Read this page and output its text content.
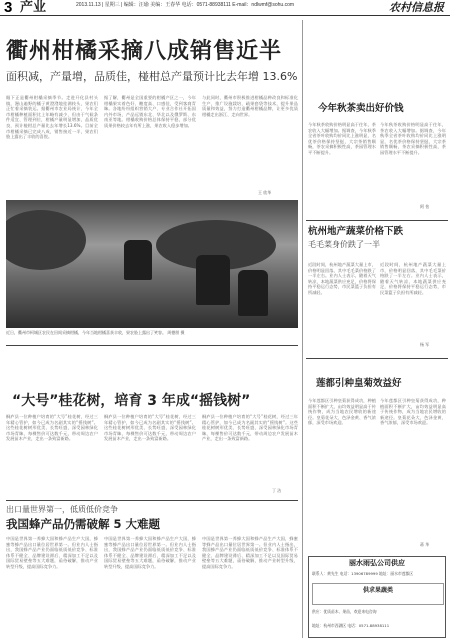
3 产业	2013.11.13 | 星期三 | 编辑：汪瑜 美编：王春华 电话：0571-88938111 E-mail：ndlwmf@sohu.com	农村信息报
衢州柑橘采摘八成销售近半
面积减，产量增，品质佳，椪柑总产量预计比去年增 13.6%
眼下正是衢州柑橘采摘季节。走进开化县村头镇，漫山遍野的橘子黄澄澄地挂满枝头，果农们正忙着采摘装运。据衢州市农业局统计，今年全市柑橘种植面积比上年略有减少，但由于气候条件适宜、管理到位，柑橘产量明显增加，品质优良，预计椪柑总产量比去年增长13.6%。目前全市柑橘采摘已完成八成，销售接近一半，果农们脸上露出了丰收的喜悦。
据了解，衢州是全国重要的柑橘产区之一，今年柑橘果实着色好、糖度高、口感佳，受到客商青睐。各地纷纷组织营销大户、专业合作社开拓国内外市场，产品远销东北、华北以及俄罗斯、东南亚等地。柑橘收购价格总体保持平稳，部分优质果价格较去年有所上涨，果农收入稳步增加。
与此同时，衢州市积极推进柑橘品种改良和标准化生产，推广设施栽培、疏果套袋等技术，提升果品质量和效益，努力打造衢州柑橘品牌，让更多优质柑橘走出浙江、走向世界。
王 欣华
近日，衢州市柯城区农民在田间采摘柑橘，今年当地柑橘喜获丰收，果农脸上露出了笑容。 周德朋 摄
今年秋茶卖出好价钱
今年秋茶收购价格明显高于往年，茶农收入大幅增加。据调查，今年秋季全省茶叶收购均价同比上涨明显，名优茶价格保持坚挺，大宗茶销售顺畅，茶农采摘积极性高，茶园管理水平不断提升。
今年秋茶收购价格明显高于往年，茶农收入大幅增加。据调查，今年秋季全省茶叶收购均价同比上涨明显，名优茶价格保持坚挺，大宗茶销售顺畅，茶农采摘积极性高，茶园管理水平不断提升。
阿 怡
杭州地产蔬菜价格下跌
毛毛菜身价跌了一半
近段时间，杭州地产蔬菜大量上市，价格明显回落，其中毛毛菜价格跌了一半左右。业内人士表示，随着天气转凉，本地蔬菜供应充足，价格将保持平稳运行态势，市民菜篮子负担有所减轻。
近段时间，杭州地产蔬菜大量上市，价格明显回落，其中毛毛菜价格跌了一半左右。业内人士表示，随着天气转凉，本地蔬菜供应充足，价格将保持平稳运行态势，市民菜篮子负担有所减轻。
杨 军
莲都引种皇菊效益好
今年莲都区引种皇菊获得成功，种植面积不断扩大，亩均效益明显高于传统作物，成为当地农民增收的新途径。皇菊花朵大、色泽金黄、香气浓郁，深受市场欢迎。
今年莲都区引种皇菊获得成功，种植面积不断扩大，亩均效益明显高于传统作物，成为当地农民增收的新途径。皇菊花朵大、色泽金黄、香气浓郁，深受市场欢迎。
蒋 华
“大号”桂花树，培育 3 年成“摇钱树”
桐庐县一位种植户培育的“大号”桂花树，经过三年精心管护，如今已成为名副其实的“摇钱树”。这些桂花树树形优美、长势旺盛，深受园林绿化市场青睐，每棵售价可达数千元，带动周边农户发展苗木产业，走出一条致富新路。
桐庐县一位种植户培育的“大号”桂花树，经过三年精心管护，如今已成为名副其实的“摇钱树”。这些桂花树树形优美、长势旺盛，深受园林绿化市场青睐，每棵售价可达数千元，带动周边农户发展苗木产业，走出一条致富新路。
桐庐县一位种植户培育的“大号”桂花树，经过三年精心管护，如今已成为名副其实的“摇钱树”。这些桂花树树形优美、长势旺盛，深受园林绿化市场青睐，每棵售价可达数千元，带动周边农户发展苗木产业，走出一条致富新路。
丁 洁
出口量世界第一，低质低价竞争
我国蜂产品仍需破解 5 大难题
中国是世界第一养蜂大国和蜂产品生产大国，蜂蜜等蜂产品出口量位居世界第一。但业内人士指出，我国蜂产品产业仍面临低质低价竞争、标准体系不健全、品牌建设滞后、精深加工不足以及国际贸易壁垒等五大难题，亟待破解，推动产业转型升级，提高国际竞争力。
中国是世界第一养蜂大国和蜂产品生产大国，蜂蜜等蜂产品出口量位居世界第一。但业内人士指出，我国蜂产品产业仍面临低质低价竞争、标准体系不健全、品牌建设滞后、精深加工不足以及国际贸易壁垒等五大难题，亟待破解，推动产业转型升级，提高国际竞争力。
中国是世界第一养蜂大国和蜂产品生产大国，蜂蜜等蜂产品出口量位居世界第一。但业内人士指出，我国蜂产品产业仍面临低质低价竞争、标准体系不健全、品牌建设滞后、精深加工不足以及国际贸易壁垒等五大难题，亟待破解，推动产业转型升级，提高国际竞争力。	丽水雨弘公司供应
联系人：黄先生 电话：13906789999 地址：丽水市莲都区
供求果蔬类
供应：优质苗木、果苗，欢迎来电咨询
地址：杭州市西湖区 电话：0571-88938111
